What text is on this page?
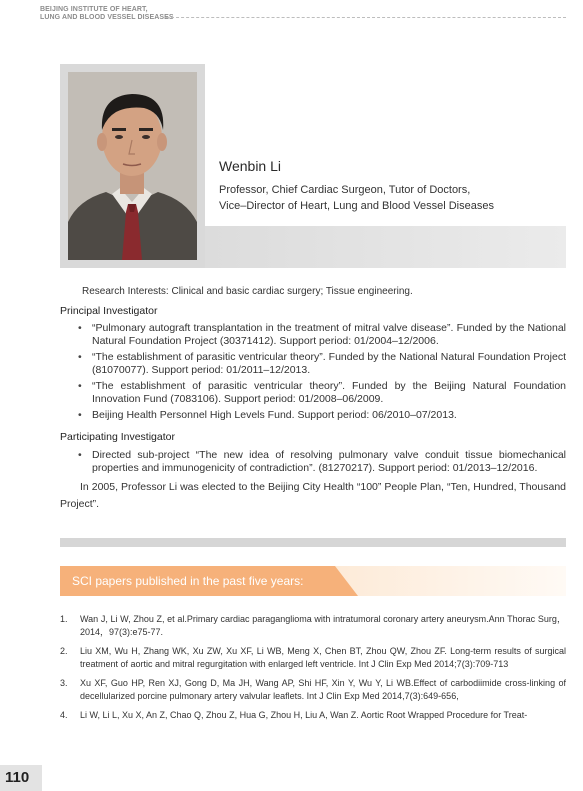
BEIJING INSTITUTE OF HEART,
LUNG AND BLOOD VESSEL DISEASES
Wenbin Li
Professor, Chief Cardiac Surgeon, Tutor of Doctors,
Vice–Director of Heart, Lung and Blood Vessel Diseases
Research Interests: Clinical and basic cardiac surgery; Tissue engineering.
Principal Investigator
• “Pulmonary autograft transplantation in the treatment of mitral valve disease”. Funded by the National Natural Foundation Project (30371412). Support period: 01/2004–12/2006.
• “The establishment of parasitic ventricular theory”. Funded by the National Natural Foundation Project (81070077). Support period: 01/2011–12/2013.
• “The establishment of parasitic ventricular theory”. Funded by the Beijing Natural Foundation Innovation Fund (7083106). Support period: 01/2008–06/2009.
• Beijing Health Personnel High Levels Fund. Support period: 06/2010–07/2013.
Participating Investigator
• Directed sub-project “The new idea of resolving pulmonary valve conduit tissue biomechanical properties and immunogenicity of contradiction”. (81270217). Support period: 01/2013–12/2016.

In 2005, Professor Li was elected to the Beijing City Health “100” People Plan, “Ten, Hundred, Thousand Project”.

SCI papers published in the past five years:
1. Wan J, Li W, Zhou Z, et al.Primary cardiac paraganglioma with intratumoral coronary artery aneurysm.Ann Thorac Surg，2014，97(3):e75-77.
2. Liu XM, Wu H, Zhang WK, Xu ZW, Xu XF, Li WB, Meng X, Chen BT, Zhou QW, Zhou ZF. Long-term results of surgical treatment of aortic and mitral regurgitation with enlarged left ventricle. Int J Clin Exp Med 2014;7(3):709-713
3. Xu XF, Guo HP, Ren XJ, Gong D, Ma JH, Wang AP, Shi HF, Xin Y, Wu Y, Li WB.Effect of carbodiimide cross-linking of decellularized porcine pulmonary artery valvular leaflets. Int J Clin Exp Med 2014,7(3):649-656,
4. Li W, Li L, Xu X, An Z, Chao Q, Zhou Z, Hua G, Zhou H, Liu A, Wan Z. Aortic Root Wrapped Procedure for Treat-
110
